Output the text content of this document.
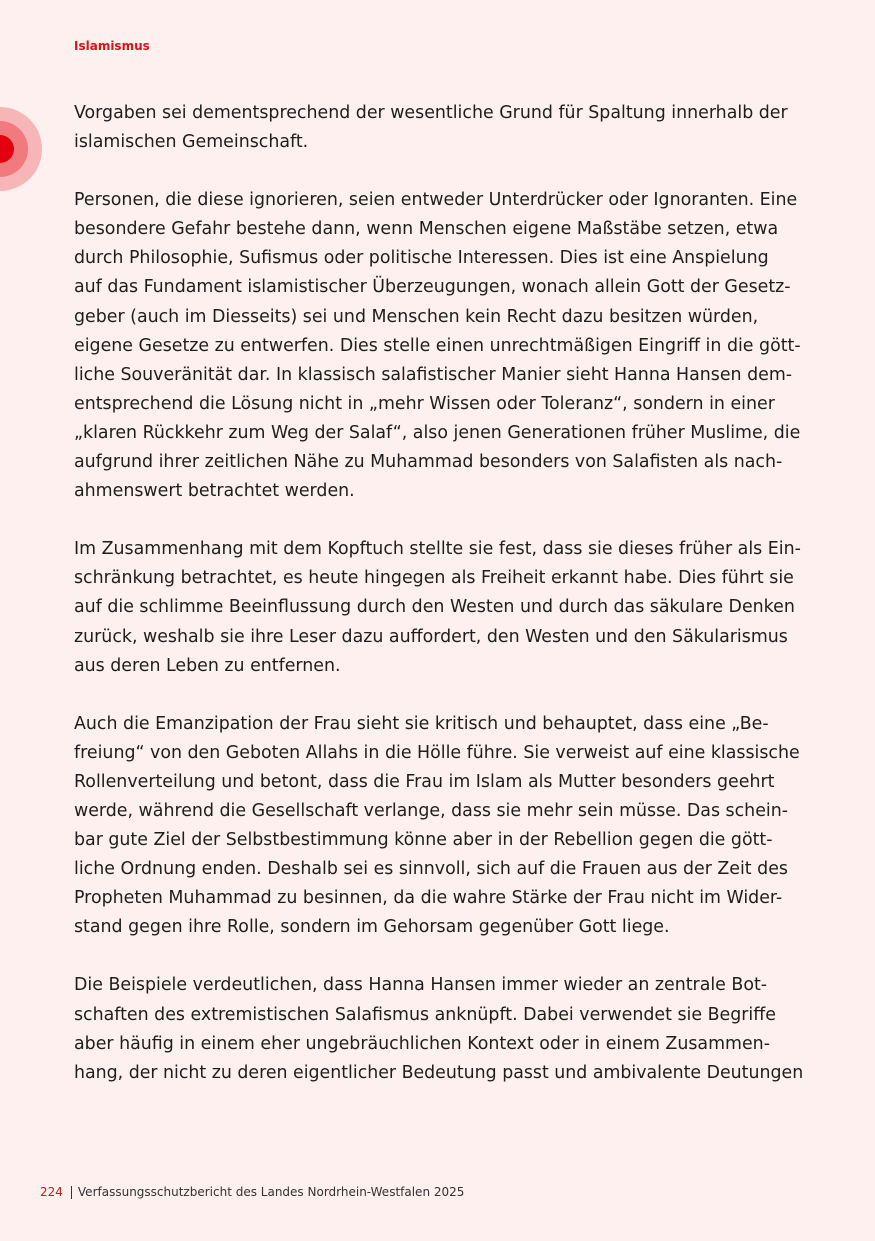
Islamismus

Vorgaben sei dementsprechend der wesentliche Grund für Spaltung innerhalb der
islamischen Gemeinschaft.

Personen, die diese ignorieren, seien entweder Unterdrücker oder Ignoranten. Eine
besondere Gefahr bestehe dann, wenn Menschen eigene Maßstäbe setzen, etwa
durch Philosophie, Sufismus oder politische Interessen. Dies ist eine Anspielung
auf das Fundament islamistischer Überzeugungen, wonach allein Gott der Gesetz-
geber (auch im Diesseits) sei und Menschen kein Recht dazu besitzen würden,
eigene Gesetze zu entwerfen. Dies stelle einen unrechtmäßigen Eingriff in die gött-
liche Souveränität dar. In klassisch salafistischer Manier sieht Hanna Hansen dem-
entsprechend die Lösung nicht in „mehr Wissen oder Toleranz“, sondern in einer
„klaren Rückkehr zum Weg der Salaf“, also jenen Generationen früher Muslime, die
aufgrund ihrer zeitlichen Nähe zu Muhammad besonders von Salafisten als nach-
ahmenswert betrachtet werden.

Im Zusammenhang mit dem Kopftuch stellte sie fest, dass sie dieses früher als Ein-
schränkung betrachtet, es heute hingegen als Freiheit erkannt habe. Dies führt sie
auf die schlimme Beeinflussung durch den Westen und durch das säkulare Denken
zurück, weshalb sie ihre Leser dazu auffordert, den Westen und den Säkularismus
aus deren Leben zu entfernen.

Auch die Emanzipation der Frau sieht sie kritisch und behauptet, dass eine „Be-
freiung“ von den Geboten Allahs in die Hölle führe. Sie verweist auf eine klassische
Rollenverteilung und betont, dass die Frau im Islam als Mutter besonders geehrt
werde, während die Gesellschaft verlange, dass sie mehr sein müsse. Das schein-
bar gute Ziel der Selbstbestimmung könne aber in der Rebellion gegen die gött-
liche Ordnung enden. Deshalb sei es sinnvoll, sich auf die Frauen aus der Zeit des
Propheten Muhammad zu besinnen, da die wahre Stärke der Frau nicht im Wider-
stand gegen ihre Rolle, sondern im Gehorsam gegenüber Gott liege.

Die Beispiele verdeutlichen, dass Hanna Hansen immer wieder an zentrale Bot-
schaften des extremistischen Salafismus anknüpft. Dabei verwendet sie Begriffe
aber häufig in einem eher ungebräuchlichen Kontext oder in einem Zusammen-
hang, der nicht zu deren eigentlicher Bedeutung passt und ambivalente Deutungen

224 Verfassungsschutzbericht des Landes Nordrhein-Westfalen 2025
